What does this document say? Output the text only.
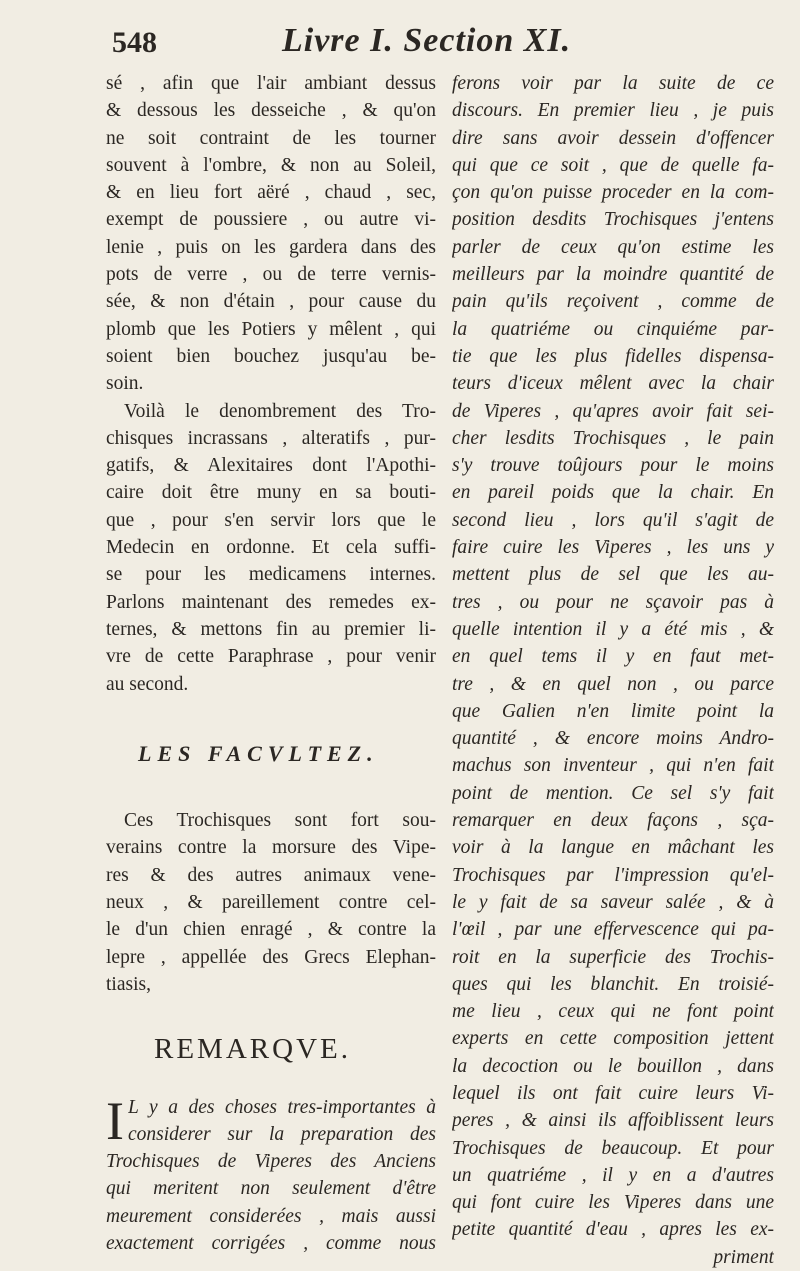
548	Livre I. Section XI.
sé , afin que l'air ambiant dessus
& dessous les desseiche , & qu'on
ne soit contraint de les tourner
souvent à l'ombre, & non au Soleil,
& en lieu fort aëré , chaud , sec,
exempt de poussiere , ou autre vi-
lenie , puis on les gardera dans des
pots de verre , ou de terre vernis-
sée, & non d'étain , pour cause du
plomb que les Potiers y mêlent , qui
soient bien bouchez jusqu'au be-
soin.
Voilà le denombrement des Tro-
chisques incrassans , alteratifs , pur-
gatifs, & Alexitaires dont l'Apothi-
caire doit être muny en sa bouti-
que , pour s'en servir lors que le
Medecin en ordonne. Et cela suffi-
se pour les medicamens internes.
Parlons maintenant des remedes ex-
ternes, & mettons fin au premier li-
vre de cette Paraphrase , pour venir
au second.
LES FACVLTEZ.
Ces Trochisques sont fort sou-
verains contre la morsure des Vipe-
res & des autres animaux vene-
neux , & pareillement contre cel-
le d'un chien enragé , & contre la
lepre , appellée des Grecs Elephan-
tiasis,
REMARQVE.
I L y a des choses tres-importantes à
considerer sur la preparation des
Trochisques de Viperes des Anciens
qui meritent non seulement d'être
meurement considerées , mais aussi
exactement corrigées , comme nous
ferons voir par la suite de ce
discours. En premier lieu , je puis
dire sans avoir dessein d'offencer
qui que ce soit , que de quelle fa-
çon qu'on puisse proceder en la com-
position desdits Trochisques j'entens
parler de ceux qu'on estime les
meilleurs par la moindre quantité de
pain qu'ils reçoivent , comme de
la quatriéme ou cinquiéme par-
tie que les plus fidelles dispensa-
teurs d'iceux mêlent avec la chair
de Viperes , qu'apres avoir fait sei-
cher lesdits Trochisques , le pain
s'y trouve toûjours pour le moins
en pareil poids que la chair. En
second lieu , lors qu'il s'agit de
faire cuire les Viperes , les uns y
mettent plus de sel que les au-
tres , ou pour ne sçavoir pas à
quelle intention il y a été mis , &
en quel tems il y en faut met-
tre , & en quel non , ou parce
que Galien n'en limite point la
quantité , & encore moins Andro-
machus son inventeur , qui n'en fait
point de mention. Ce sel s'y fait
remarquer en deux façons , sça-
voir à la langue en mâchant les
Trochisques par l'impression qu'el-
le y fait de sa saveur salée , & à
l'œil , par une effervescence qui pa-
roit en la superficie des Trochis-
ques qui les blanchit. En troisié-
me lieu , ceux qui ne font point
experts en cette composition jettent
la decoction ou le bouillon , dans
lequel ils ont fait cuire leurs Vi-
peres , & ainsi ils affoiblissent leurs
Trochisques de beaucoup. Et pour
un quatriéme , il y en a d'autres
qui font cuire les Viperes dans une
petite quantité d'eau , apres les ex-
priment
